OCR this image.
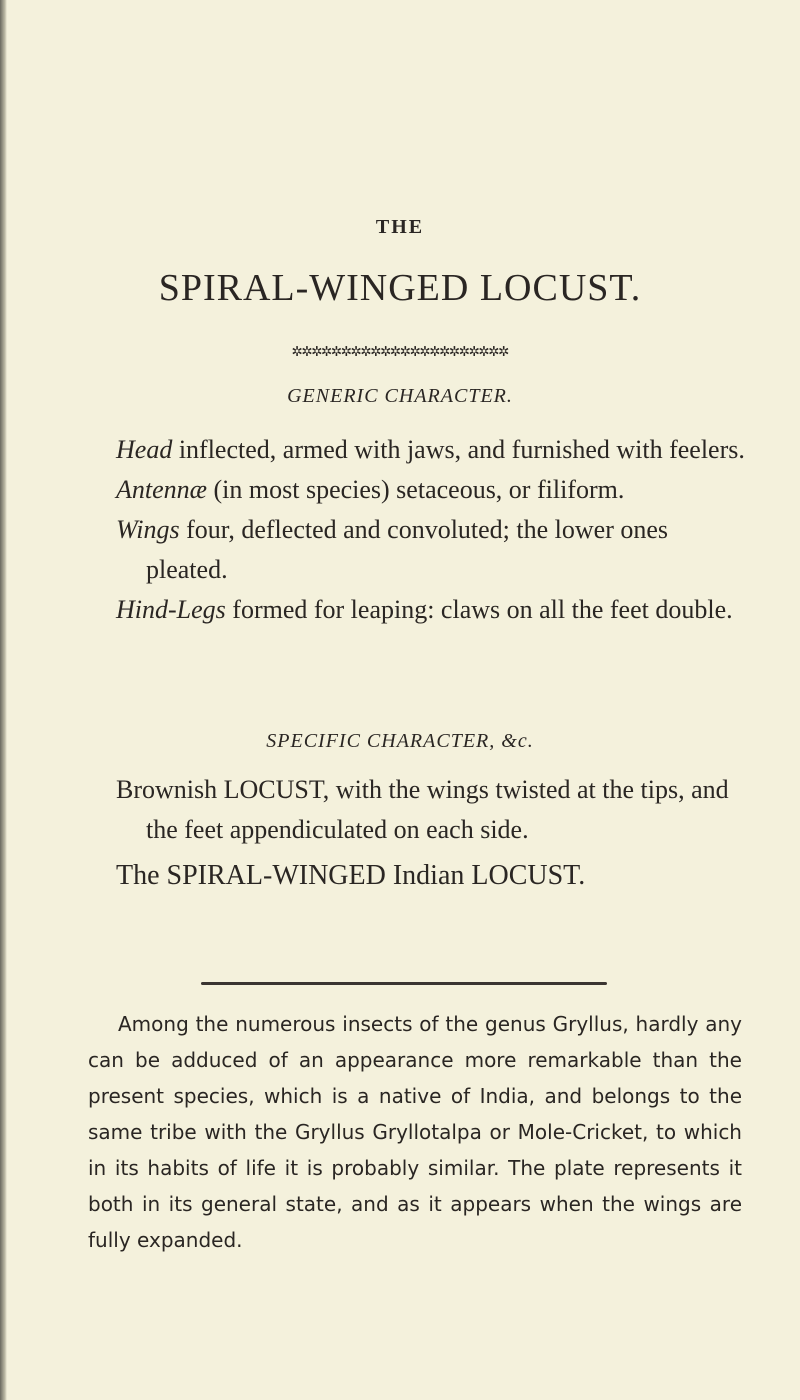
THE
SPIRAL-WINGED LOCUST.
✲✲✲✲✲✲✲✲✲✲✲✲✲✲✲✲✲✲✲✲✲✲
GENERIC CHARACTER.

Head inflected, armed with jaws, and furnished with feelers.

Antennæ (in most species) setaceous, or filiform.

Wings four, deflected and convoluted; the lower ones pleated.

Hind-Legs formed for leaping: claws on all the feet double.

SPECIFIC CHARACTER, &c.

Brownish LOCUST, with the wings twisted at the tips, and the feet appendiculated on each side.

The SPIRAL-WINGED Indian LOCUST.

Among the numerous insects of the genus Gryllus, hardly any can be adduced of an appearance more remarkable than the present species, which is a native of India, and belongs to the same tribe with the Gryllus Gryllotalpa or Mole-Cricket, to which in its habits of life it is probably similar. The plate represents it both in its general state, and as it appears when the wings are fully expanded.
